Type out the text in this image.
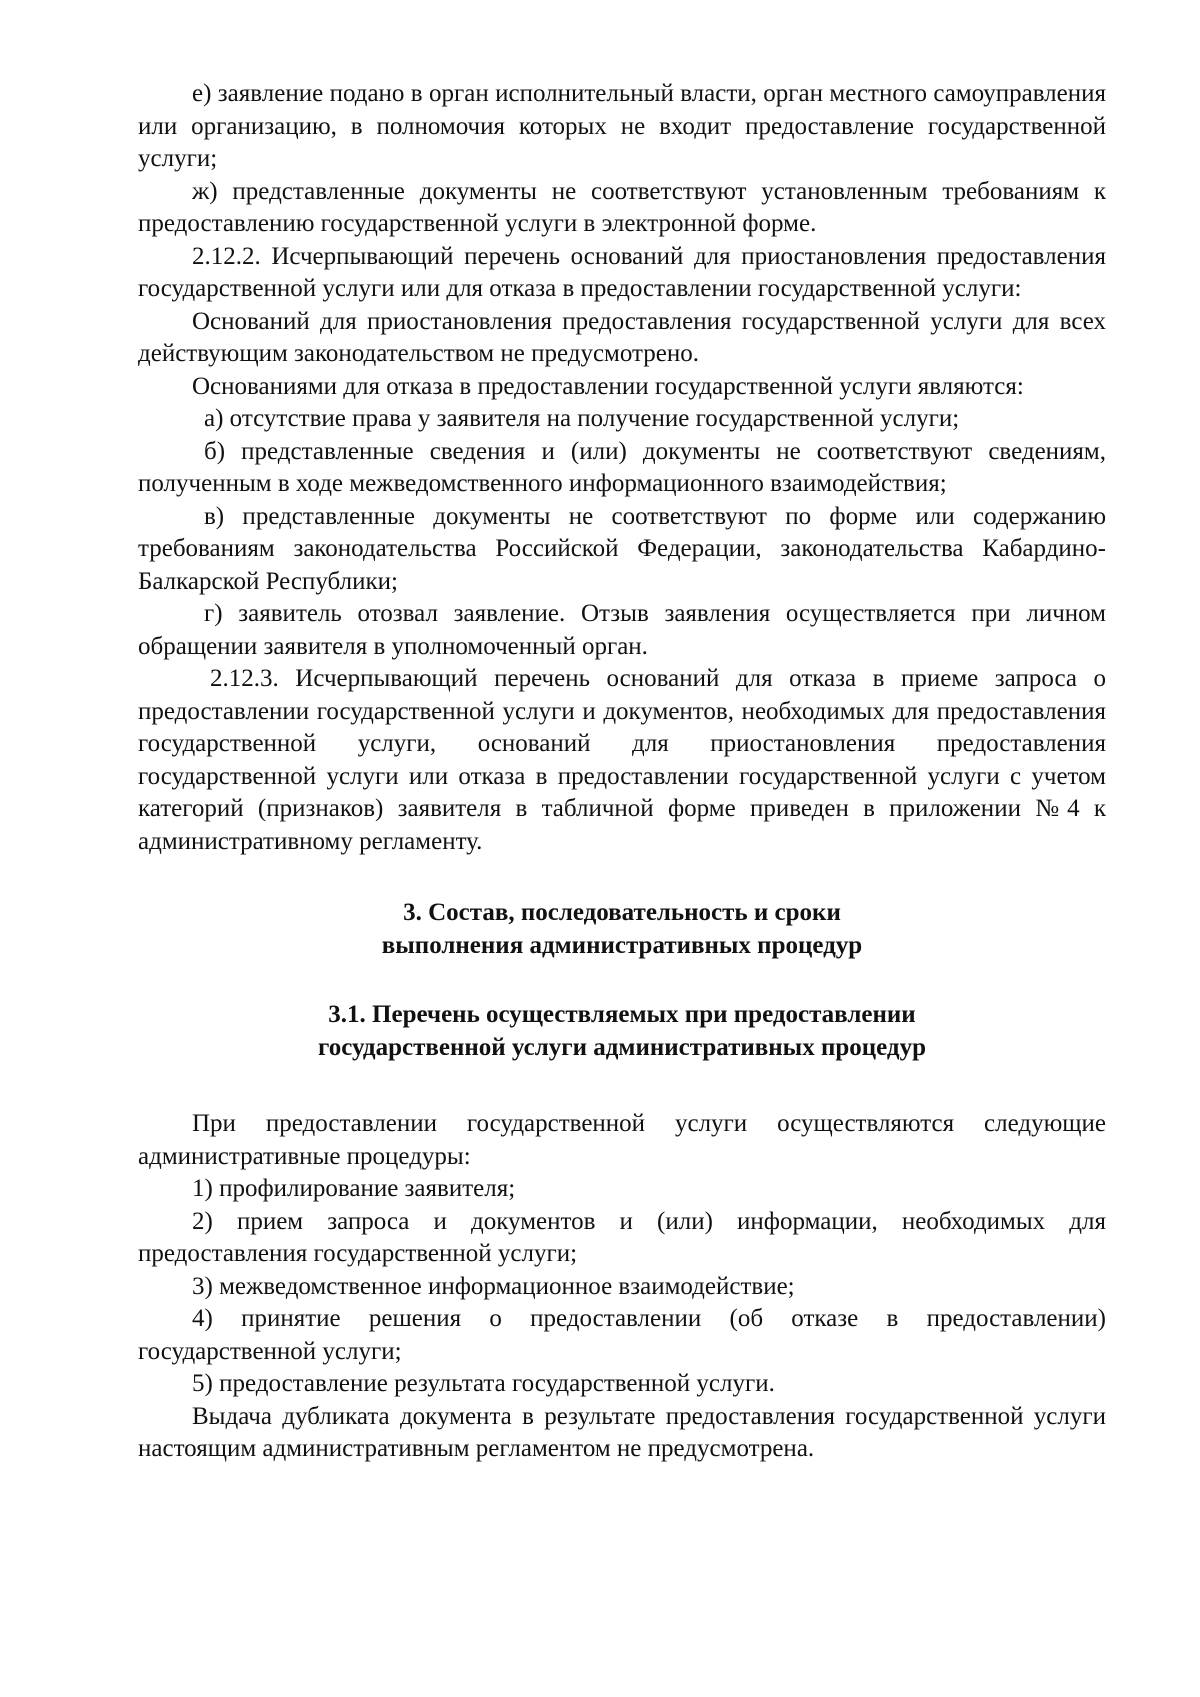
е) заявление подано в орган исполнительный власти, орган местного самоуправления или организацию, в полномочия которых не входит предоставление государственной услуги;

ж) представленные документы не соответствуют установленным требованиям к предоставлению государственной услуги в электронной форме.

2.12.2. Исчерпывающий перечень оснований для приостановления предоставления государственной услуги или для отказа в предоставлении государственной услуги:

Оснований для приостановления предоставления государственной услуги для всех действующим законодательством не предусмотрено.

Основаниями для отказа в предоставлении государственной услуги являются:

а) отсутствие права у заявителя на получение государственной услуги;

б) представленные сведения и (или) документы не соответствуют сведениям, полученным в ходе межведомственного информационного взаимодействия;

в) представленные документы не соответствуют по форме или содержанию требованиям законодательства Российской Федерации, законодательства Кабардино-Балкарской Республики;

г) заявитель отозвал заявление. Отзыв заявления осуществляется при личном обращении заявителя в уполномоченный орган.

2.12.3. Исчерпывающий перечень оснований для отказа в приеме запроса о предоставлении государственной услуги и документов, необходимых для предоставления государственной услуги, оснований для приостановления предоставления государственной услуги или отказа в предоставлении государственной услуги с учетом категорий (признаков) заявителя в табличной форме приведен в приложении №4 к административному регламенту.

3. Состав, последовательность и сроки
выполнения административных процедур
3.1. Перечень осуществляемых при предоставлении
государственной услуги административных процедур

При предоставлении государственной услуги осуществляются следующие административные процедуры:

1) профилирование заявителя;

2) прием запроса и документов и (или) информации, необходимых для предоставления государственной услуги;

3) межведомственное информационное взаимодействие;

4) принятие решения о предоставлении (об отказе в предоставлении) государственной услуги;

5) предоставление результата государственной услуги.

Выдача дубликата документа в результате предоставления государственной услуги настоящим административным регламентом не предусмотрена.
